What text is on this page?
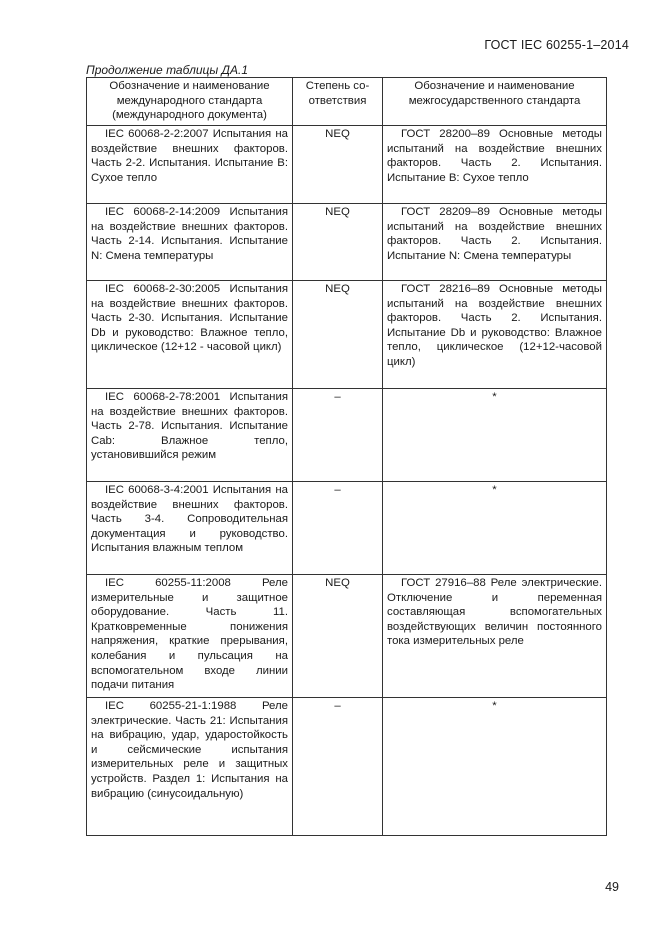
ГОСТ IEC 60255-1–2014
Продолжение таблицы ДА.1
Обозначение и наименование международного стандарта (международного документа)	Степень со-ответствия	Обозначение и наименование межгосударственного стандарта
IEC 60068-2-2:2007 Испытания на воздействие внешних факторов. Часть 2-2. Испытания. Испытание B: Сухое тепло	NEQ	ГОСТ 28200–89 Основные методы испытаний на воздействие внешних факторов. Часть 2. Испытания. Испытание B: Сухое тепло
IEC 60068-2-14:2009 Испытания на воздействие внешних факторов. Часть 2-14. Испытания. Испытание N: Смена температуры	NEQ	ГОСТ 28209–89 Основные методы испытаний на воздействие внешних факторов. Часть 2. Испытания. Испытание N: Смена температуры
IEC 60068-2-30:2005 Испытания на воздействие внешних факторов. Часть 2-30. Испытания. Испытание Db и руководство: Влажное тепло, циклическое (12+12 - часовой цикл)	NEQ	ГОСТ 28216–89 Основные методы испытаний на воздействие внешних факторов. Часть 2. Испытания. Испытание Db и руководство: Влажное тепло, циклическое (12+12-часовой цикл)
IEC 60068-2-78:2001 Испытания на воздействие внешних факторов. Часть 2-78. Испытания. Испытание Cab: Влажное тепло, установившийся режим	–	*
IEC 60068-3-4:2001 Испытания на воздействие внешних факторов. Часть 3-4. Сопроводительная документация и руководство. Испытания влажным теплом	–	*
IEC 60255-11:2008 Реле измерительные и защитное оборудование. Часть 11. Кратковременные понижения напряжения, краткие прерывания, колебания и пульсация на вспомогательном входе линии подачи питания	NEQ	ГОСТ 27916–88 Реле электрические. Отключение и переменная составляющая вспомогательных воздействующих величин постоянного тока измерительных реле
IEC 60255-21-1:1988 Реле электрические. Часть 21: Испытания на вибрацию, удар, ударостойкость и сейсмические испытания измерительных реле и защитных устройств. Раздел 1: Испытания на вибрацию (синусоидальную)	–	*
49
